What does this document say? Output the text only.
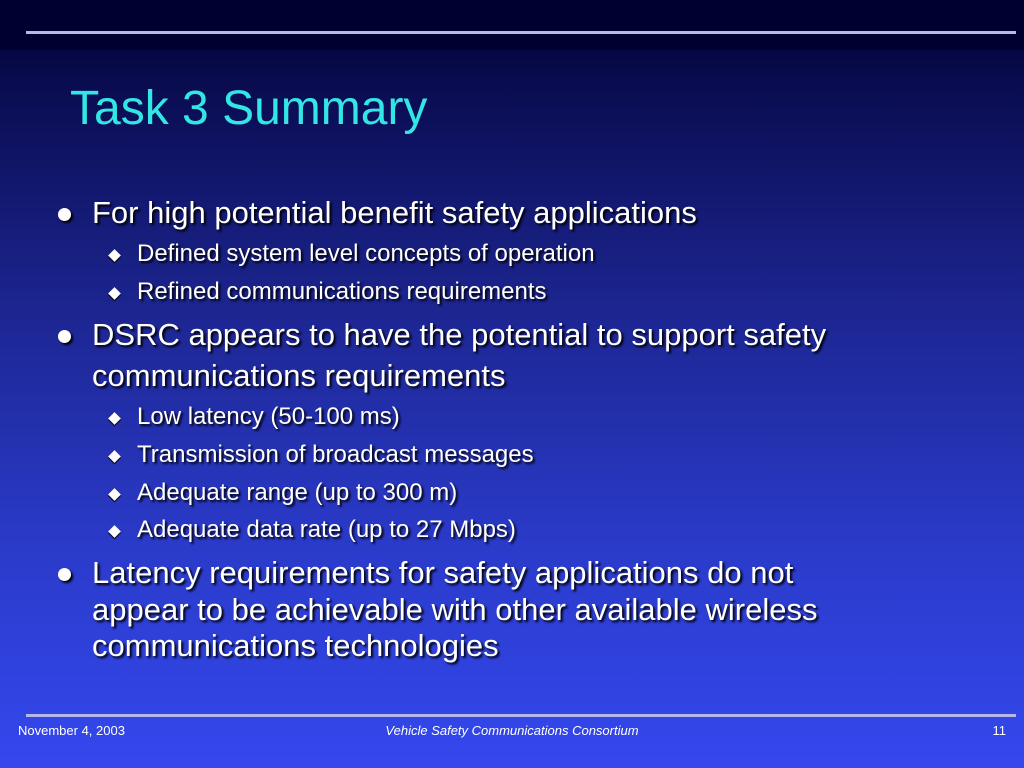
Task 3 Summary
For high potential benefit safety applications
Defined system level concepts of operation
Refined communications requirements
DSRC appears to have the potential to support safety
communications requirements
Low latency (50-100 ms)
Transmission of broadcast messages
Adequate range (up to 300 m)
Adequate data rate (up to 27 Mbps)
Latency requirements for safety applications do not
appear to be achievable with other available wireless
communications technologies
November 4, 2003	Vehicle Safety Communications Consortium	11
